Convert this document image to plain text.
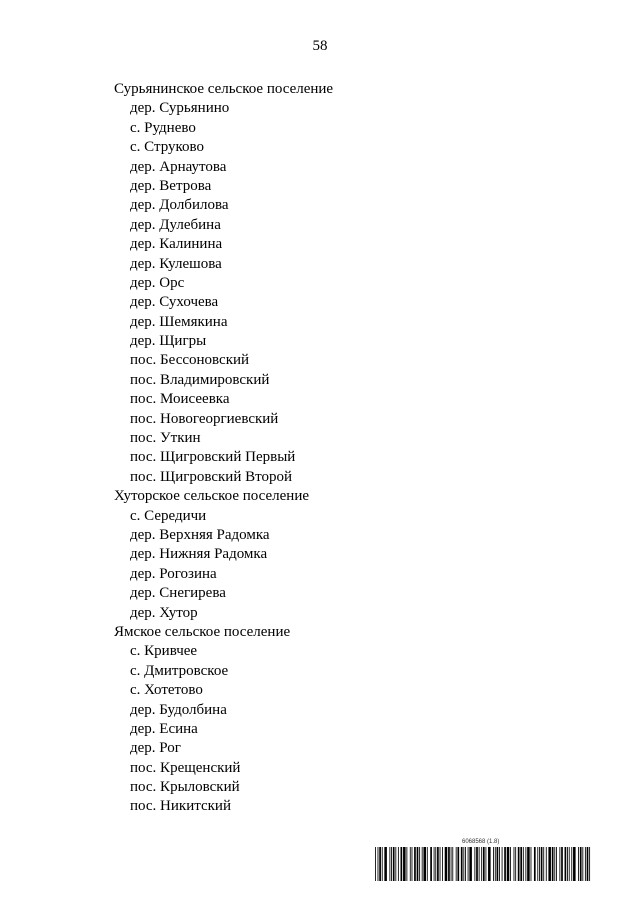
58
Сурьянинское сельское поселение
дер. Сурьянино
с. Руднево
с. Струково
дер. Арнаутова
дер. Ветрова
дер. Долбилова
дер. Дулебина
дер. Калинина
дер. Кулешова
дер. Орс
дер. Сухочева
дер. Шемякина
дер. Щигры
пос. Бессоновский
пос. Владимировский
пос. Моисеевка
пос. Новогеоргиевский
пос. Уткин
пос. Щигровский Первый
пос. Щигровский Второй
Хуторское сельское поселение
с. Середичи
дер. Верхняя Радомка
дер. Нижняя Радомка
дер. Рогозина
дер. Снегирева
дер. Хутор
Ямское сельское поселение
с. Кривчее
с. Дмитровское
с. Хотетово
дер. Будолбина
дер. Есина
дер. Рог
пос. Крещенский
пос. Крыловский
пос. Никитский
6068568 (1.8)
